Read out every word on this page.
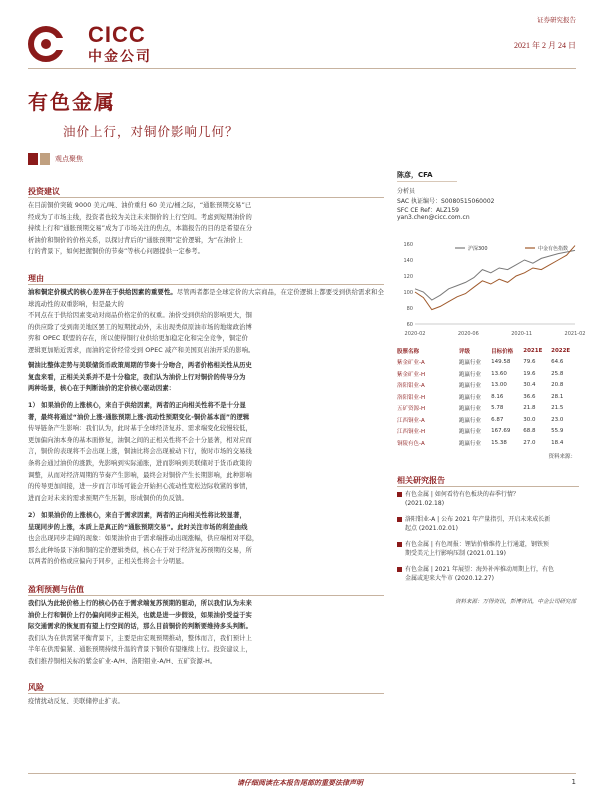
CICC
中金公司
证券研究报告
2021 年 2 月 24 日
有色金属
油价上行，对铜价影响几何？
观点聚焦
投资建议
在目前铜价突破 9000 美元/吨、油价重归 60 美元/桶之际，“通胀预期交易”已
经成为了市场主线，投资者也较为关注未来铜价的上行空间。考虑到短期油价的
持续上行和“通胀预期交易”成为了市场关注的焦点，本篇报告的目的是希望在分
析油价和铜价的价格关系，以探讨背后的“通胀预期”定价逻辑，为“在油价上
行的背景下，如何把握铜价的节奏”等核心问题提供一定参考。
理由
油和铜定价模式的核心差异在于供给因素的重要性。尽管两者都是全球定价的大宗商品，在定价逻辑上都要受到供给需求和全球流动性的双重影响，但是最大的
不同点在于供给因素变动对商品价格定价的权重。油价受到供给的影响更大，铜
的供应除了受到南美地区罢工的短期扰动外，未出现类似原油市场的地缘政治博
弈和 OPEC 联盟的存在，所以使得铜行业供给更加稳定化和完全竞争，铜定价
逻辑更加贴近需求，而油的定价经常受到 OPEC 减产和美国页岩油开采的影响。
铜油比整体走势与美联储货币政策周期的节奏十分吻合，两者价格相关性从历史
复盘来看，正相关关系并不是十分稳定，我们认为油价上行对铜价的传导分为
两种场景，核心在于判断油价的定价核心驱动因素：
1） 如果油价的上涨核心，来自于供给因素，两者的正向相关性将不是十分显
著，最终将通过“油价上涨-通胀预期上涨-流动性预期变化-铜价基本面”的逻辑
传导链条产生影响：我们认为，此时基于全球经济复苏、需求端变化较慢较低，
更加偏向油本身的基本面修复，油铜之间的正相关性将不会十分显著，相对应而
言，铜价的表现将不会出现上涨，铜油比将会出现被动下行，彼时市场的交易线
条将会通过油价的涨跌，先影响到实际通胀，进而影响到美联储对于货币政策的
调整，从而对经济周期的节奏产生影响，最终会对铜价产生长期影响，此种影响
的传导更加间接，进一步而言市场可能会开始担心流动性宽松边际收紧的事情，
进而会对未来的需求预期产生压制，形成铜价的负反馈。
2） 如果油价的上涨核心，来自于需求因素，两者的正向相关性将比较显著，
呈现同步的上涨，本质上是真正的“通胀预期交易”。此时关注市场的利差曲线
也会出现同步走阔的现象：如果油价由于需求端推动出现涨幅，供应端相对平稳，
那么此种场景下油和铜的定价逻辑类似，核心在于对于经济复苏预期的交易，所
以两者的价格或应偏向于同步，正相关性将会十分明显。
盈利预测与估值
我们认为此轮价格上行的核心仍在于需求端复苏预期的驱动，所以我们认为未来
油价上行和铜价上行仍偏向同步正相关，也就是进一步假设，如果油价受益于实
际交通需求的恢复而有望上行空间的话，那么目前铜价的判断要维持多头判断。
我们认为在供需紧平衡背景下，主要是由宏观预期推动，整体而言，我们预计上
半年在供需偏紧、通胀预期持续升温的背景下铜价有望继续上行。投资建议上，
我们推荐铜相关标的紫金矿业-A/H、洛阳钼业-A/H、五矿资源-H。
风险
疫情扰动反复、美联储停止扩表。
陈彦，CFA
分析员
SAC 执证编号：S0080515060002
SFC CE Ref：ALZ159
yan3.chen@cicc.com.cn
60
80
100
120
140
160
2020-02	2020-06	2020-11	2021-02
沪深300	中金有色指数
股票名称	评级	目标价格	2021E	2022E
紫金矿业-A	跑赢行业	149.58	79.6	64.6
紫金矿业-H	跑赢行业	13.60	19.6	25.8
洛阳钼业-A	跑赢行业	13.00	30.4	20.8
洛阳钼业-H	跑赢行业	8.16	36.6	28.1
五矿资源-H	跑赢行业	5.78	21.8	21.5
江西铜业-A	跑赢行业	6.87	30.0	23.0
江西铜业-H	跑赢行业	167.69	68.8	55.9
铜陵有色-A	跑赢行业	15.38	27.0	18.4
资料来源：
相关研究报告
有色金属 | 如何看待有色板块的春季行情？
(2021.02.18)
洛阳钼业-A | 公布 2021 年产量指引，开启未来成长新
起点 (2021.02.01)
有色金属 | 有色周报：锂钴价格维持上行通道，钢铁预
期受美元上行影响压制 (2021.01.19)
有色金属 | 2021 年展望：海外补库推动周期上行，有色
金属或迎来大牛市 (2020.12.27)
资料来源：万得资讯，彭博资讯，中金公司研究部
请仔细阅读在本报告尾部的重要法律声明	1
